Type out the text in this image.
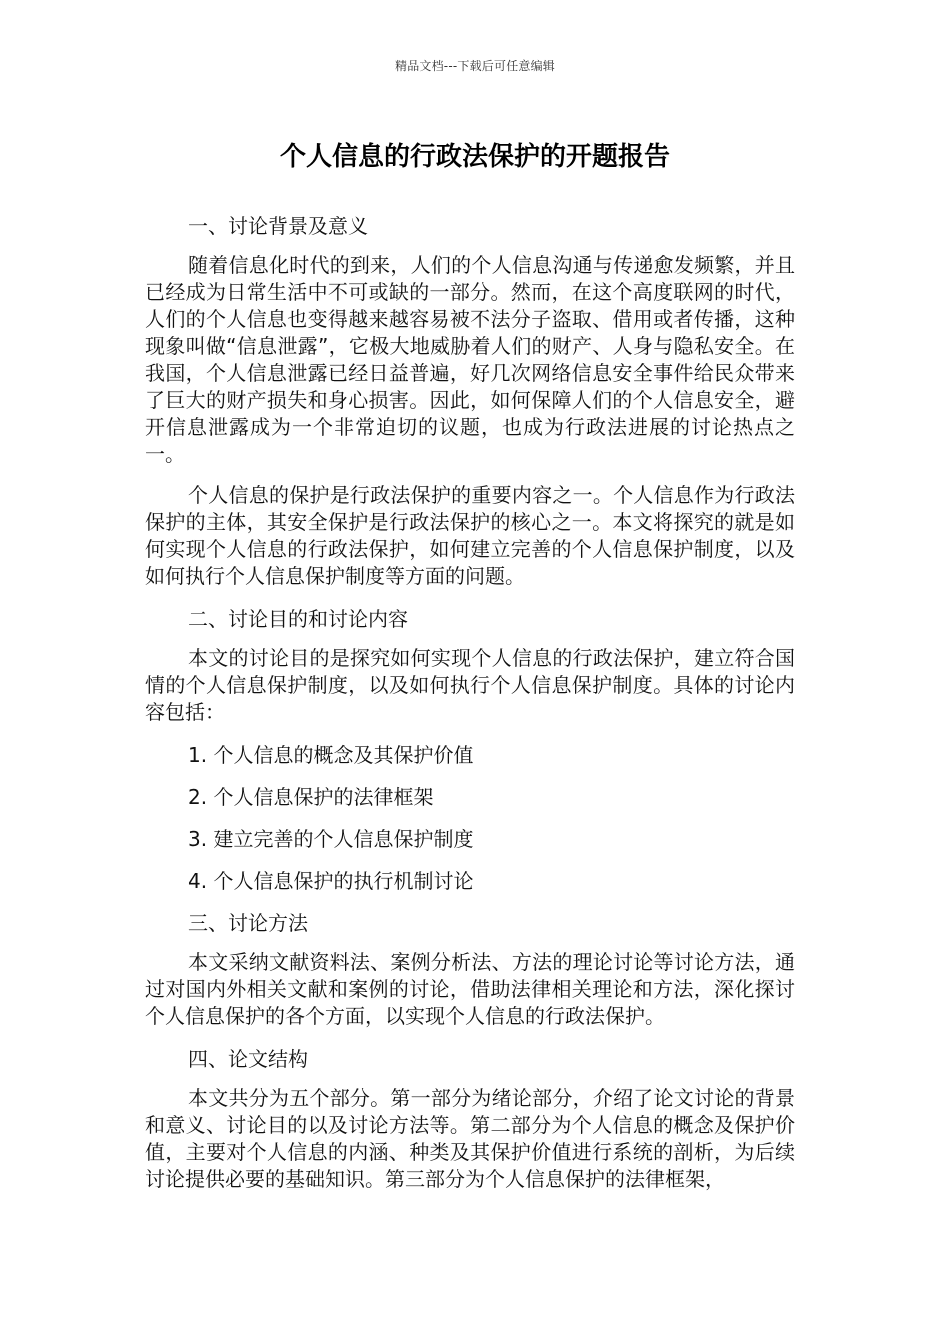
精品文档---下载后可任意编辑
个人信息的行政法保护的开题报告

一、讨论背景及意义

随着信息化时代的到来，人们的个人信息沟通与传递愈发频繁，并且已经成为日常生活中不可或缺的一部分。然而，在这个高度联网的时代，人们的个人信息也变得越来越容易被不法分子盗取、借用或者传播，这种现象叫做“信息泄露”，它极大地威胁着人们的财产、人身与隐私安全。在我国，个人信息泄露已经日益普遍，好几次网络信息安全事件给民众带来了巨大的财产损失和身心损害。因此，如何保障人们的个人信息安全，避开信息泄露成为一个非常迫切的议题，也成为行政法进展的讨论热点之一。

个人信息的保护是行政法保护的重要内容之一。个人信息作为行政法保护的主体，其安全保护是行政法保护的核心之一。本文将探究的就是如何实现个人信息的行政法保护，如何建立完善的个人信息保护制度，以及如何执行个人信息保护制度等方面的问题。

二、讨论目的和讨论内容

本文的讨论目的是探究如何实现个人信息的行政法保护，建立符合国情的个人信息保护制度，以及如何执行个人信息保护制度。具体的讨论内容包括：

1. 个人信息的概念及其保护价值

2. 个人信息保护的法律框架

3. 建立完善的个人信息保护制度

4. 个人信息保护的执行机制讨论

三、讨论方法

本文采纳文献资料法、案例分析法、方法的理论讨论等讨论方法，通过对国内外相关文献和案例的讨论，借助法律相关理论和方法，深化探讨个人信息保护的各个方面，以实现个人信息的行政法保护。

四、论文结构

本文共分为五个部分。第一部分为绪论部分，介绍了论文讨论的背景和意义、讨论目的以及讨论方法等。第二部分为个人信息的概念及保护价值，主要对个人信息的内涵、种类及其保护价值进行系统的剖析，为后续讨论提供必要的基础知识。第三部分为个人信息保护的法律框架，
